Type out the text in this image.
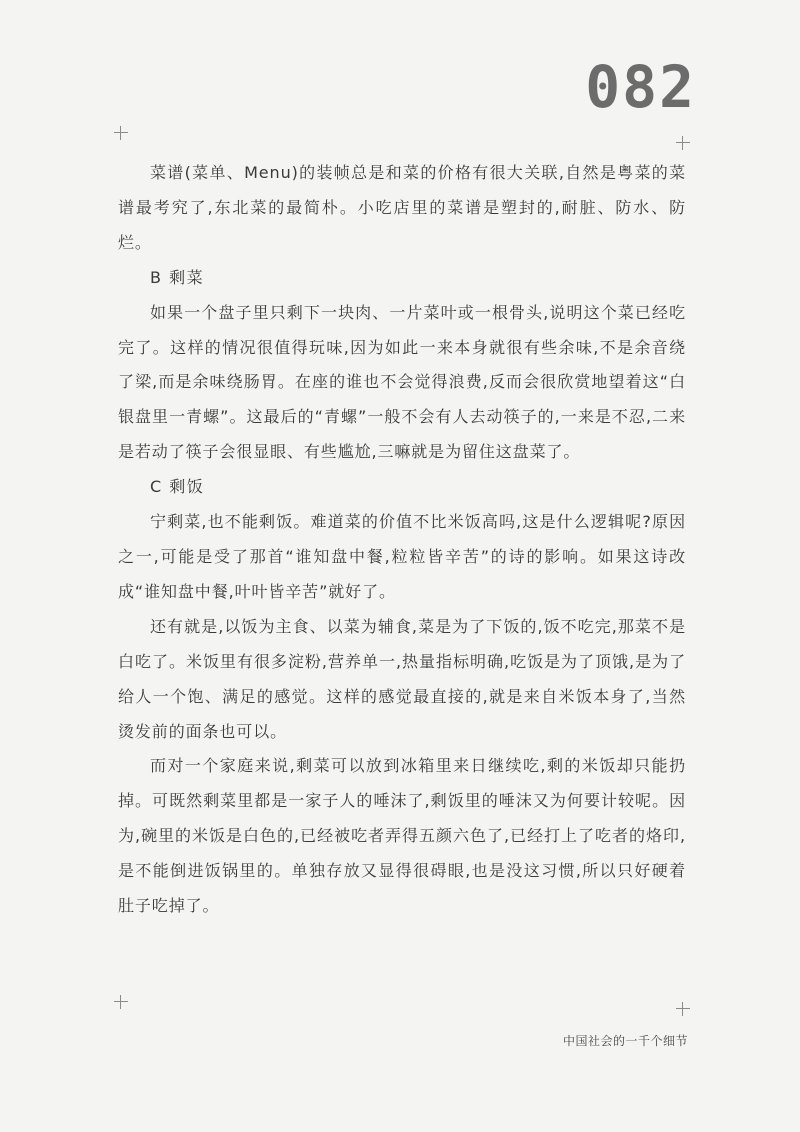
082

菜谱(菜单、Menu)的装帧总是和菜的价格有很大关联,自然是粤菜的菜谱最考究了,东北菜的最简朴。小吃店里的菜谱是塑封的,耐脏、防水、防烂。

B 剩菜

如果一个盘子里只剩下一块肉、一片菜叶或一根骨头,说明这个菜已经吃完了。这样的情况很值得玩味,因为如此一来本身就很有些余味,不是余音绕了梁,而是余味绕肠胃。在座的谁也不会觉得浪费,反而会很欣赏地望着这“白银盘里一青螺”。这最后的“青螺”一般不会有人去动筷子的,一来是不忍,二来是若动了筷子会很显眼、有些尴尬,三嘛就是为留住这盘菜了。

C 剩饭

宁剩菜,也不能剩饭。难道菜的价值不比米饭高吗,这是什么逻辑呢?原因之一,可能是受了那首“谁知盘中餐,粒粒皆辛苦”的诗的影响。如果这诗改成“谁知盘中餐,叶叶皆辛苦”就好了。

还有就是,以饭为主食、以菜为辅食,菜是为了下饭的,饭不吃完,那菜不是白吃了。米饭里有很多淀粉,营养单一,热量指标明确,吃饭是为了顶饿,是为了给人一个饱、满足的感觉。这样的感觉最直接的,就是来自米饭本身了,当然烫发前的面条也可以。

而对一个家庭来说,剩菜可以放到冰箱里来日继续吃,剩的米饭却只能扔掉。可既然剩菜里都是一家子人的唾沫了,剩饭里的唾沫又为何要计较呢。因为,碗里的米饭是白色的,已经被吃者弄得五颜六色了,已经打上了吃者的烙印,是不能倒进饭锅里的。单独存放又显得很碍眼,也是没这习惯,所以只好硬着肚子吃掉了。

中国社会的一千个细节
